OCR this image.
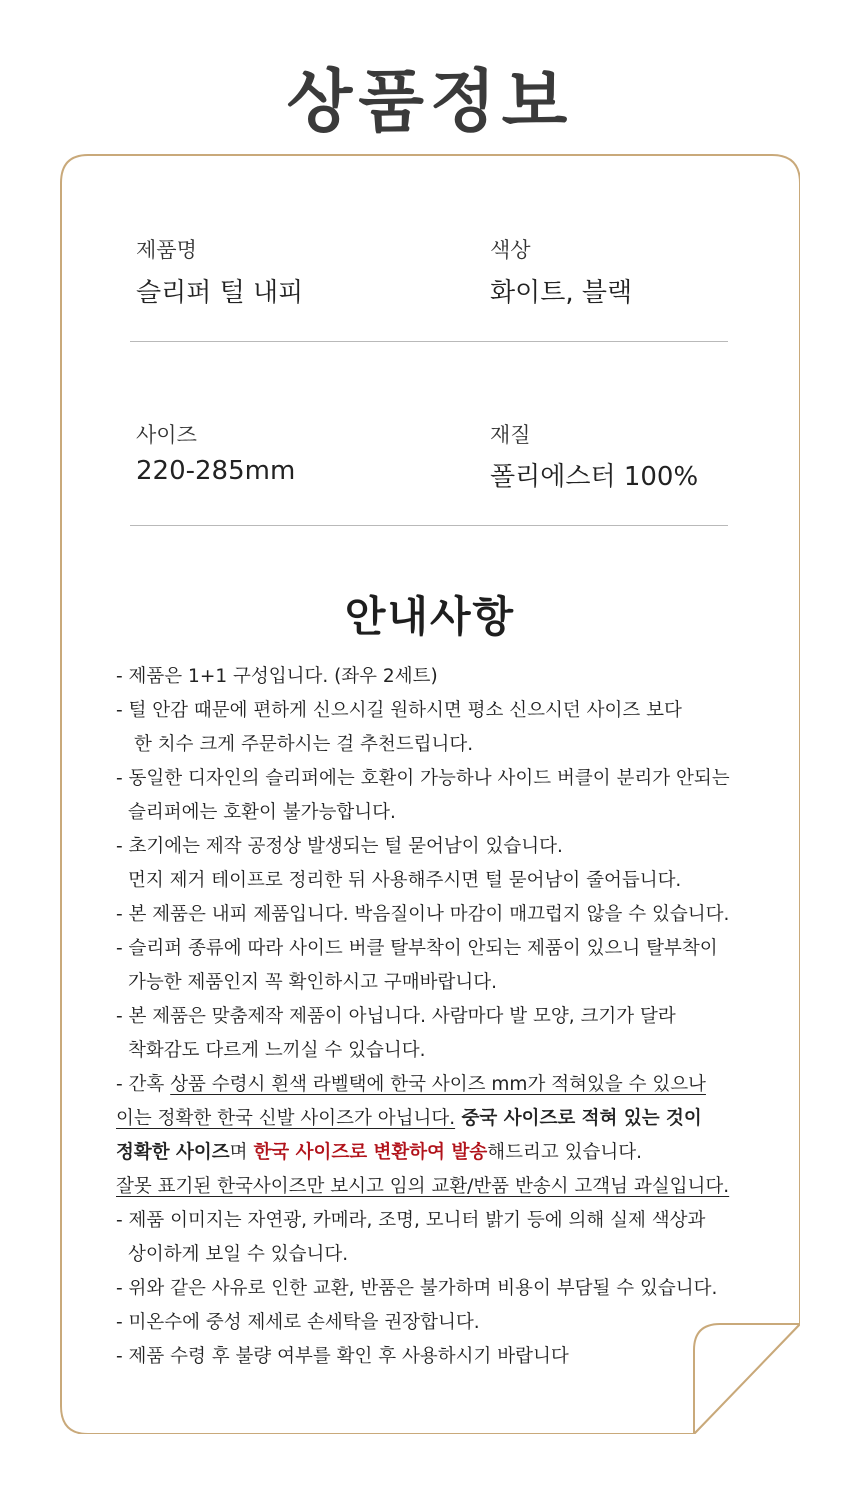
상품정보
제품명
슬리퍼 털 내피
색상
화이트, 블랙
사이즈
220-285mm
재질
폴리에스터 100%
안내사항
- 제품은 1+1 구성입니다. (좌우 2세트)
- 털 안감 때문에 편하게 신으시길 원하시면 평소 신으시던 사이즈 보다
한 치수 크게 주문하시는 걸 추천드립니다.
- 동일한 디자인의 슬리퍼에는 호환이 가능하나 사이드 버클이 분리가 안되는
슬리퍼에는 호환이 불가능합니다.
- 초기에는 제작 공정상 발생되는 털 묻어남이 있습니다.
먼지 제거 테이프로 정리한 뒤 사용해주시면 털 묻어남이 줄어듭니다.
- 본 제품은 내피 제품입니다. 박음질이나 마감이 매끄럽지 않을 수 있습니다.
- 슬리퍼 종류에 따라 사이드 버클 탈부착이 안되는 제품이 있으니 탈부착이
가능한 제품인지 꼭 확인하시고 구매바랍니다.
- 본 제품은 맞춤제작 제품이 아닙니다. 사람마다 발 모양, 크기가 달라
착화감도 다르게 느끼실 수 있습니다.
- 간혹 상품 수령시 흰색 라벨택에 한국 사이즈 mm가 적혀있을 수 있으나
이는 정확한 한국 신발 사이즈가 아닙니다. 중국 사이즈로 적혀 있는 것이
정확한 사이즈며 한국 사이즈로 변환하여 발송해드리고 있습니다.
잘못 표기된 한국사이즈만 보시고 임의 교환/반품 반송시 고객님 과실입니다.
- 제품 이미지는 자연광, 카메라, 조명, 모니터 밝기 등에 의해 실제 색상과
상이하게 보일 수 있습니다.
- 위와 같은 사유로 인한 교환, 반품은 불가하며 비용이 부담될 수 있습니다.
- 미온수에 중성 제세로 손세탁을 권장합니다.
- 제품 수령 후 불량 여부를 확인 후 사용하시기 바랍니다
